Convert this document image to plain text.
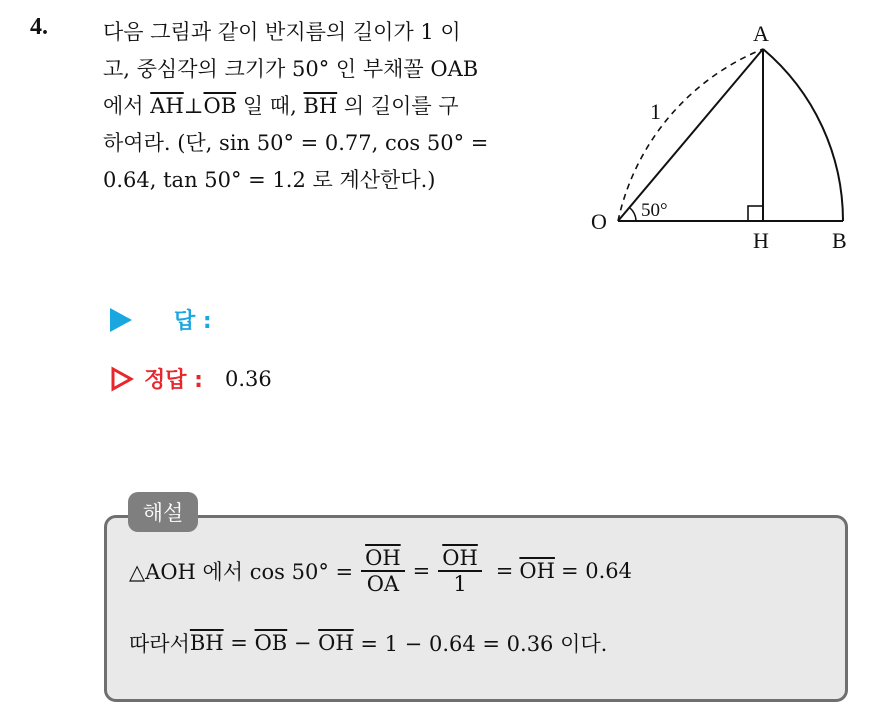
4.	다음 그림과 같이 반지름의 길이가 1 이
고, 중심각의 크기가 50° 인 부채꼴 OAB
에서 $\overline{AH}\perp\overline{OB}$ 일 때, $\overline{BH}$ 의 길이를 구
하여라. (단, sin 50° = 0.77, cos 50° =
0.64, tan 50° = 1.2 로 계산한다.)
A
O
H	B
1
50°
답 :
정답 : 0.36
해설
△AOH 에서 $\cos 50^\circ = \frac{\overline{OH}}{OA} = \frac{\overline{OH}}{1} = \overline{OH} = 0.64$
따라서 $\overline{BH} = \overline{OB} - \overline{OH} = 1 - 0.64 = 0.36$ 이다.
